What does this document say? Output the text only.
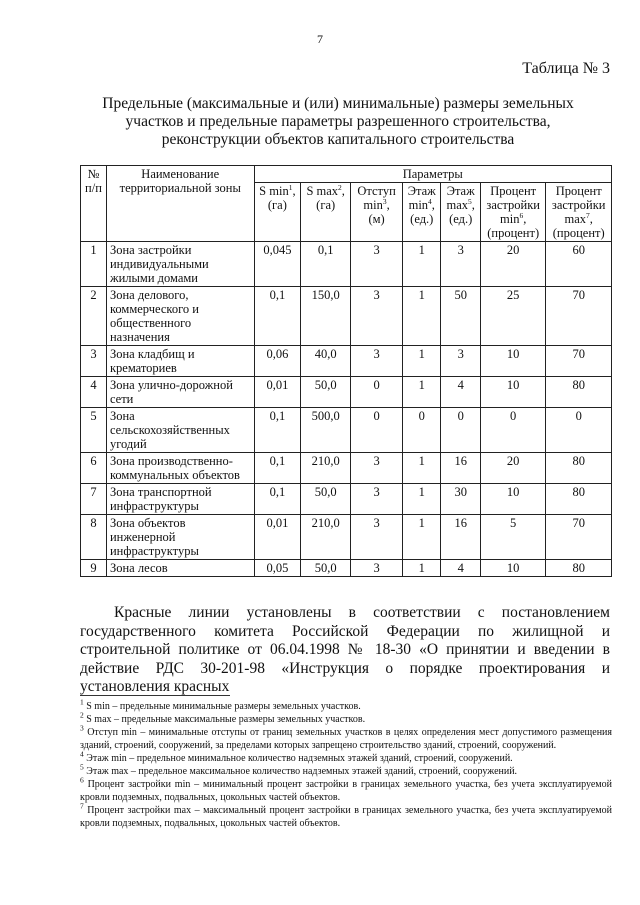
7
Таблица № 3
Предельные (максимальные и (или) минимальные) размеры земельных участков и предельные параметры разрешенного строительства, реконструкции объектов капитального строительства
№ п/п	Наименование территориальной зоны	Параметры						
		S $\min^1$, (га)	S $\max^2$, (га)	Отступ $\min^3$, (м)	Этаж $\min^4$, (ед.)	Этаж $\max^5$, (ед.)	Процент застройки $\min^6$, (процент)	Процент застройки $\max^7$, (процент)
1	Зона застройки индивидуальными жилыми домами	0,045	0,1	3	1	3	20	60
2	Зона делового, коммерческого и общественного назначения	0,1	150,0	3	1	50	25	70
3	Зона кладбищ и крематориев	0,06	40,0	3	1	3	10	70
4	Зона улично-дорожной сети	0,01	50,0	0	1	4	10	80
5	Зона сельскохозяйственных угодий	0,1	500,0	0	0	0	0	0
6	Зона производственно-коммунальных объектов	0,1	210,0	3	1	16	20	80
7	Зона транспортной инфраструктуры	0,1	50,0	3	1	30	10	80
8	Зона объектов инженерной инфраструктуры	0,01	210,0	3	1	16	5	70
9	Зона лесов	0,05	50,0	3	1	4	10	80
Красные линии установлены в соответствии с постановлением государственного комитета Российской Федерации по жилищной и строительной политике от 06.04.1998 № 18-30 «О принятии и введении в действие РДС 30-201-98 «Инструкция о порядке проектирования и установления красных

$^1$ S min – предельные минимальные размеры земельных участков.

$^2$ S max – предельные максимальные размеры земельных участков.

$^3$ Отступ min – минимальные отступы от границ земельных участков в целях определения мест допустимого размещения зданий, строений, сооружений, за пределами которых запрещено строительство зданий, строений, сооружений.

$^4$ Этаж min – предельное минимальное количество надземных этажей зданий, строений, сооружений.

$^5$ Этаж max – предельное максимальное количество надземных этажей зданий, строений, сооружений.

$^6$ Процент застройки min – минимальный процент застройки в границах земельного участка, без учета эксплуатируемой кровли подземных, подвальных, цокольных частей объектов.

$^7$ Процент застройки max – максимальный процент застройки в границах земельного участка, без учета эксплуатируемой кровли подземных, подвальных, цокольных частей объектов.
